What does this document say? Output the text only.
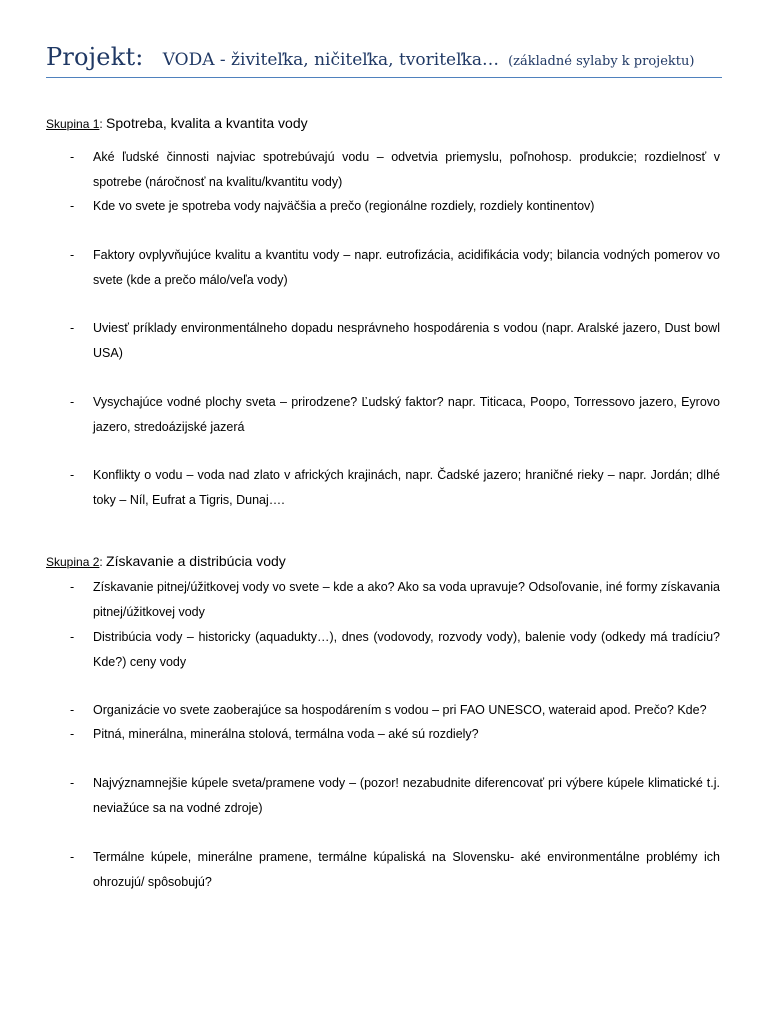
Projekt: VODA - živiteľka, ničiteľka, tvoriteľka… (základné sylaby k projektu)
Skupina 1: Spotreba, kvalita a kvantita vody
-	Aké ľudské činnosti najviac spotrebúvajú vodu – odvetvia priemyslu, poľnohosp. produkcie; rozdielnosť v spotrebe (náročnosť na kvalitu/kvantitu vody)
-	Kde vo svete je spotreba vody najväčšia a prečo (regionálne rozdiely, rozdiely kontinentov)
-	Faktory ovplyvňujúce kvalitu a kvantitu vody – napr. eutrofizácia, acidifikácia vody; bilancia vodných pomerov vo svete (kde a prečo málo/veľa vody)
-	Uviesť príklady environmentálneho dopadu nesprávneho hospodárenia s vodou (napr. Aralské jazero, Dust bowl USA)
-	Vysychajúce vodné plochy sveta – prirodzene? Ľudský faktor? napr. Titicaca, Poopo, Torressovo jazero, Eyrovo jazero, stredoázijské jazerá
-	Konflikty o vodu – voda nad zlato v afrických krajinách, napr. Čadské jazero; hraničné rieky – napr. Jordán; dlhé toky – Níl, Eufrat a Tigris, Dunaj….
Skupina 2: Získavanie a distribúcia vody
-	Získavanie pitnej/úžitkovej vody vo svete – kde a ako? Ako sa voda upravuje? Odsoľovanie, iné formy získavania pitnej/úžitkovej vody
-	Distribúcia vody – historicky (aquadukty…), dnes (vodovody, rozvody vody), balenie vody (odkedy má tradíciu? Kde?) ceny vody
-	Organizácie vo svete zaoberajúce sa hospodárením s vodou – pri FAO UNESCO, wateraid apod. Prečo? Kde?
-	Pitná, minerálna, minerálna stolová, termálna voda – aké sú rozdiely?
-	Najvýznamnejšie kúpele sveta/pramene vody – (pozor! nezabudnite diferencovať pri výbere kúpele klimatické t.j. neviažúce sa na vodné zdroje)
-	Termálne kúpele, minerálne pramene, termálne kúpaliská na Slovensku- aké environmentálne problémy ich ohrozujú/ spôsobujú?
